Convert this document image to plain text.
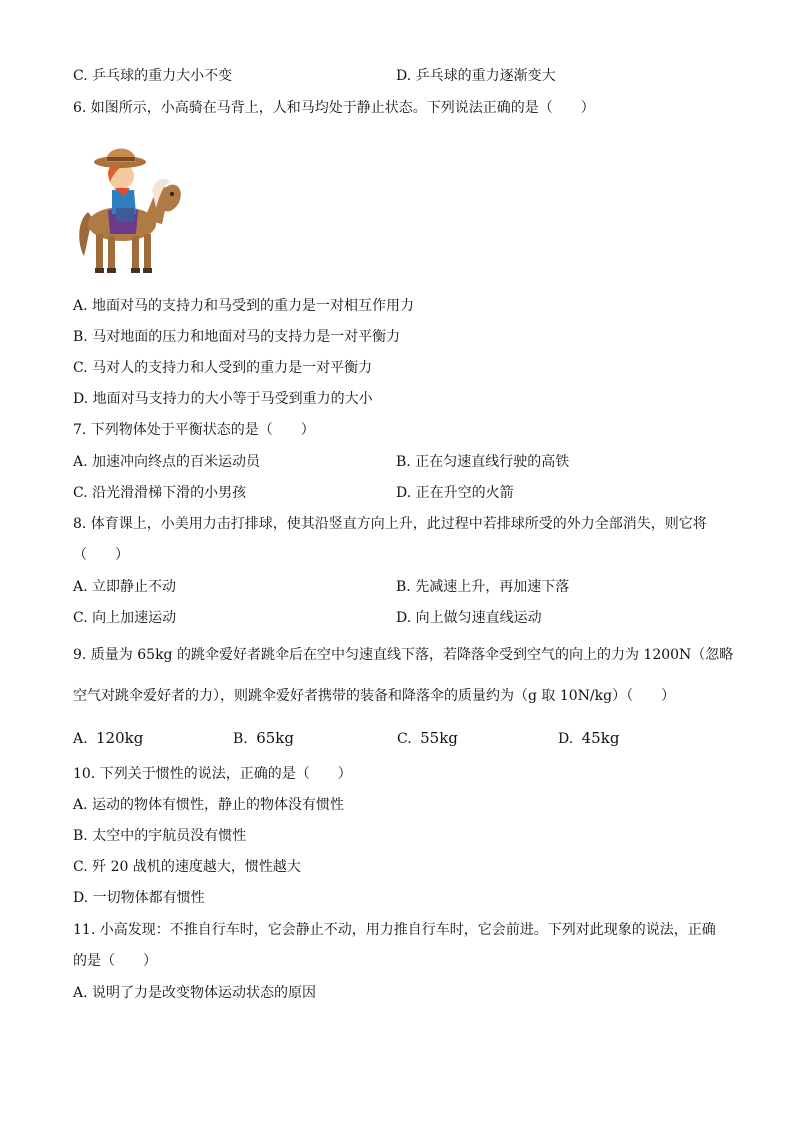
C. 乒乓球的重力大小不变	D. 乒乓球的重力逐渐变大
6. 如图所示，小高骑在马背上，人和马均处于静止状态。下列说法正确的是（　　）
A. 地面对马的支持力和马受到的重力是一对相互作用力
B. 马对地面的压力和地面对马的支持力是一对平衡力
C. 马对人的支持力和人受到的重力是一对平衡力
D. 地面对马支持力的大小等于马受到重力的大小
7. 下列物体处于平衡状态的是（　　）
A. 加速冲向终点的百米运动员	B. 正在匀速直线行驶的高铁
C. 沿光滑滑梯下滑的小男孩	D. 正在升空的火箭
8. 体育课上，小美用力击打排球，使其沿竖直方向上升，此过程中若排球所受的外力全部消失，则它将
（　　）
A. 立即静止不动	B. 先减速上升，再加速下落
C. 向上加速运动	D. 向上做匀速直线运动
9. 质量为 65kg 的跳伞爱好者跳伞后在空中匀速直线下落，若降落伞受到空气的向上的力为 1200N（忽略
空气对跳伞爱好者的力），则跳伞爱好者携带的装备和降落伞的质量约为（g 取 10N/kg）（　　）
A. 120kg	B. 65kg	C. 55kg	D. 45kg
10. 下列关于惯性的说法，正确的是（　　）
A. 运动的物体有惯性，静止的物体没有惯性
B. 太空中的宇航员没有惯性
C. 歼 20 战机的速度越大，惯性越大
D. 一切物体都有惯性
11. 小高发现：不推自行车时，它会静止不动，用力推自行车时，它会前进。下列对此现象的说法，正确
的是（　　）
A. 说明了力是改变物体运动状态的原因
